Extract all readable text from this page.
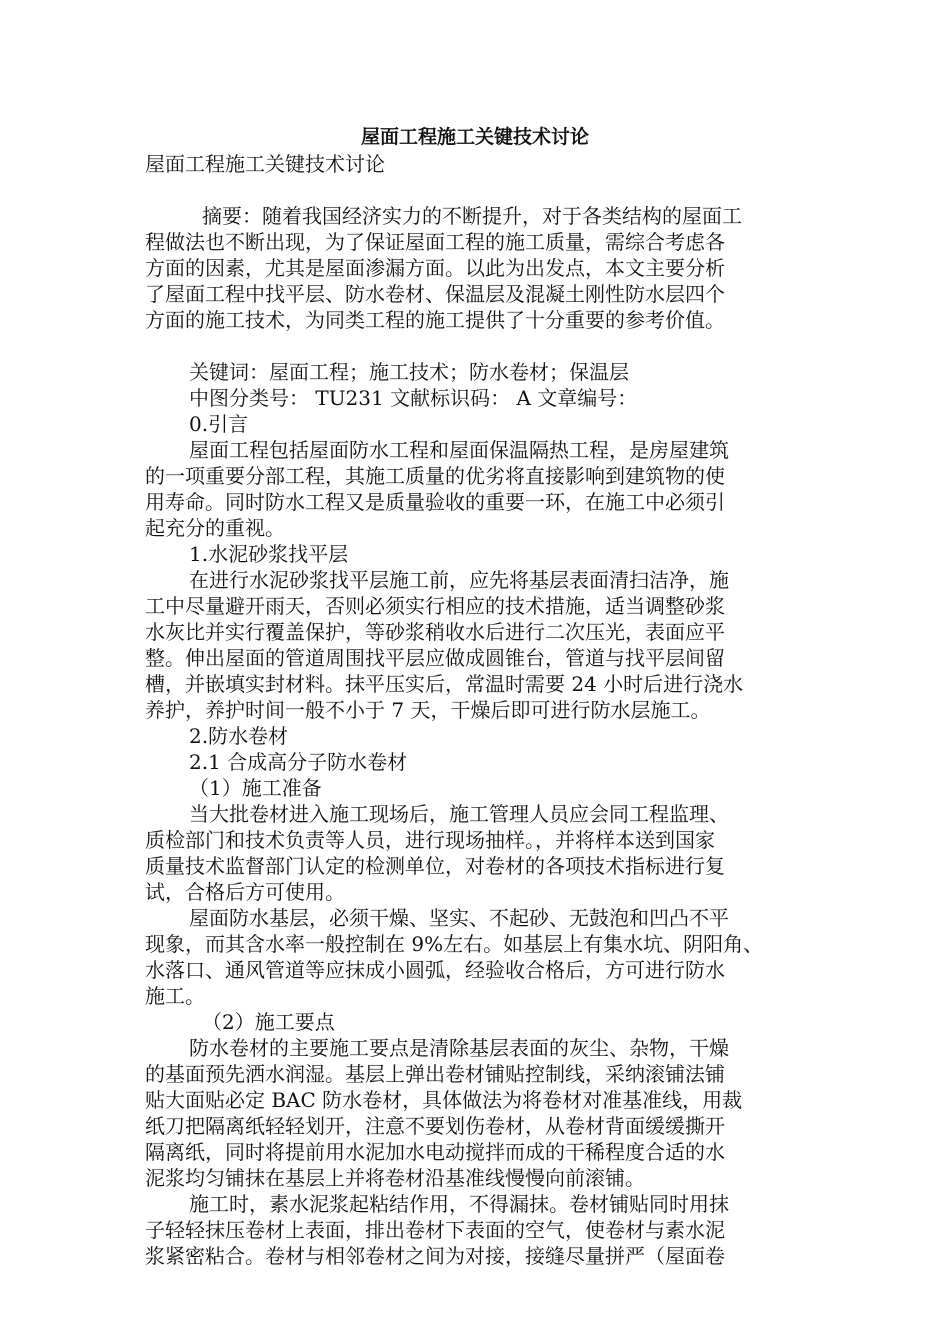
屋面工程施工关键技术讨论
屋面工程施工关键技术讨论
摘要：随着我国经济实力的不断提升，对于各类结构的屋面工
程做法也不断出现，为了保证屋面工程的施工质量，需综合考虑各
方面的因素，尤其是屋面渗漏方面。以此为出发点，本文主要分析
了屋面工程中找平层、防水卷材、保温层及混凝土刚性防水层四个
方面的施工技术，为同类工程的施工提供了十分重要的参考价值。
关键词：屋面工程；施工技术；防水卷材；保温层
中图分类号： TU231 文献标识码： A 文章编号：
0.引言
屋面工程包括屋面防水工程和屋面保温隔热工程，是房屋建筑
的一项重要分部工程，其施工质量的优劣将直接影响到建筑物的使
用寿命。同时防水工程又是质量验收的重要一环，在施工中必须引
起充分的重视。
1.水泥砂浆找平层
在进行水泥砂浆找平层施工前，应先将基层表面清扫洁净，施
工中尽量避开雨天，否则必须实行相应的技术措施，适当调整砂浆
水灰比并实行覆盖保护，等砂浆稍收水后进行二次压光，表面应平
整。伸出屋面的管道周围找平层应做成圆锥台，管道与找平层间留
槽，并嵌填实封材料。抹平压实后，常温时需要 24 小时后进行浇水
养护，养护时间一般不小于 7 天，干燥后即可进行防水层施工。
2.防水卷材
2.1 合成高分子防水卷材
（1）施工准备
当大批卷材进入施工现场后，施工管理人员应会同工程监理、
质检部门和技术负责等人员，进行现场抽样。，并将样本送到国家
质量技术监督部门认定的检测单位，对卷材的各项技术指标进行复
试，合格后方可使用。
屋面防水基层，必须干燥、坚实、不起砂、无鼓泡和凹凸不平
现象，而其含水率一般控制在 9%左右。如基层上有集水坑、阴阳角、
水落口、通风管道等应抹成小圆弧，经验收合格后，方可进行防水
施工。
（2）施工要点
防水卷材的主要施工要点是清除基层表面的灰尘、杂物，干燥
的基面预先洒水润湿。基层上弹出卷材铺贴控制线，采纳滚铺法铺
贴大面贴必定 BAC 防水卷材，具体做法为将卷材对准基准线，用裁
纸刀把隔离纸轻轻划开，注意不要划伤卷材，从卷材背面缓缓撕开
隔离纸，同时将提前用水泥加水电动搅拌而成的干稀程度合适的水
泥浆均匀铺抹在基层上并将卷材沿基准线慢慢向前滚铺。
施工时，素水泥浆起粘结作用，不得漏抹。卷材铺贴同时用抹
子轻轻抹压卷材上表面，排出卷材下表面的空气，使卷材与素水泥
浆紧密粘合。卷材与相邻卷材之间为对接，接缝尽量拼严（屋面卷
